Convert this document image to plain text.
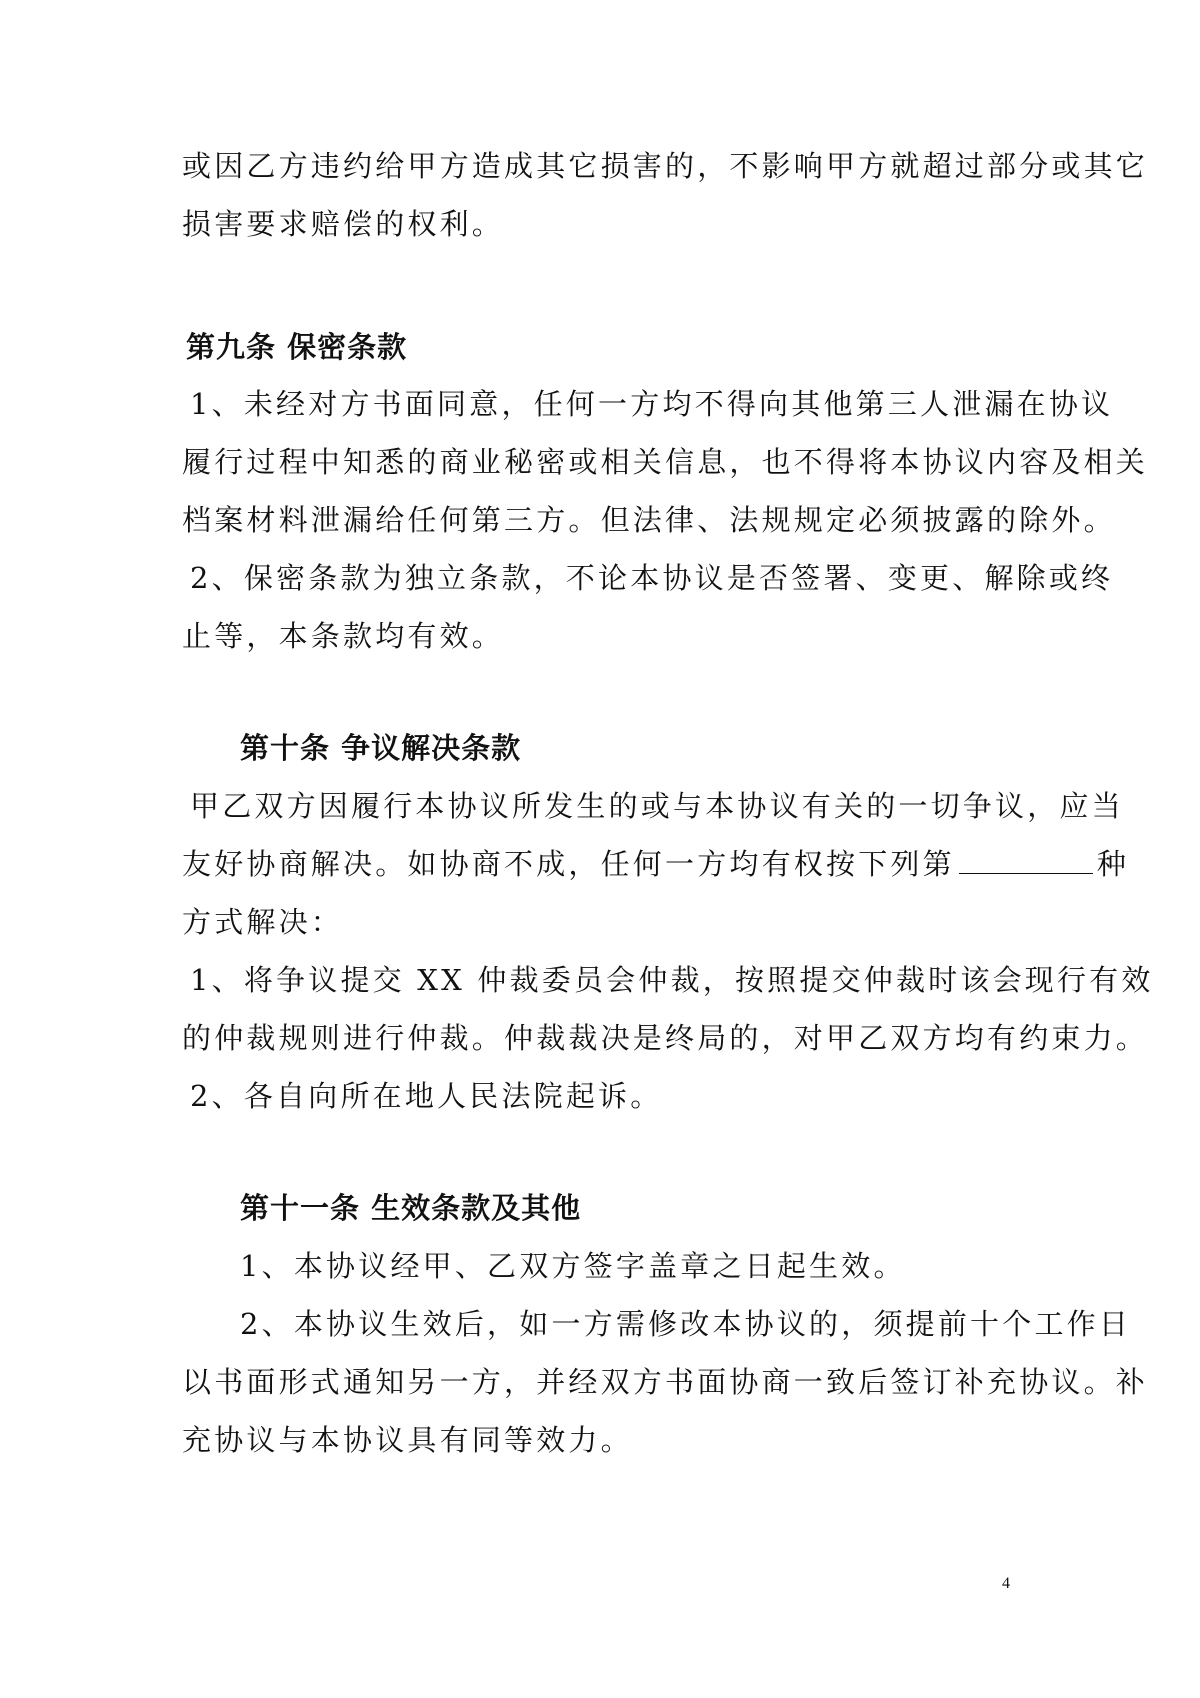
或因乙方违约给甲方造成其它损害的，不影响甲方就超过部分或其它
损害要求赔偿的权利。
第九条 保密条款
1、未经对方书面同意，任何一方均不得向其他第三人泄漏在协议
履行过程中知悉的商业秘密或相关信息，也不得将本协议内容及相关
档案材料泄漏给任何第三方。但法律、法规规定必须披露的除外。
2、保密条款为独立条款，不论本协议是否签署、变更、解除或终
止等，本条款均有效。
第十条 争议解决条款
甲乙双方因履行本协议所发生的或与本协议有关的一切争议，应当
友好协商解决。如协商不成，任何一方均有权按下列第	种
方式解决：
1、将争议提交 XX 仲裁委员会仲裁，按照提交仲裁时该会现行有效
的仲裁规则进行仲裁。仲裁裁决是终局的，对甲乙双方均有约束力。
2、各自向所在地人民法院起诉。
第十一条 生效条款及其他
1、本协议经甲、乙双方签字盖章之日起生效。
2、本协议生效后，如一方需修改本协议的，须提前十个工作日
以书面形式通知另一方，并经双方书面协商一致后签订补充协议。补
充协议与本协议具有同等效力。
4
